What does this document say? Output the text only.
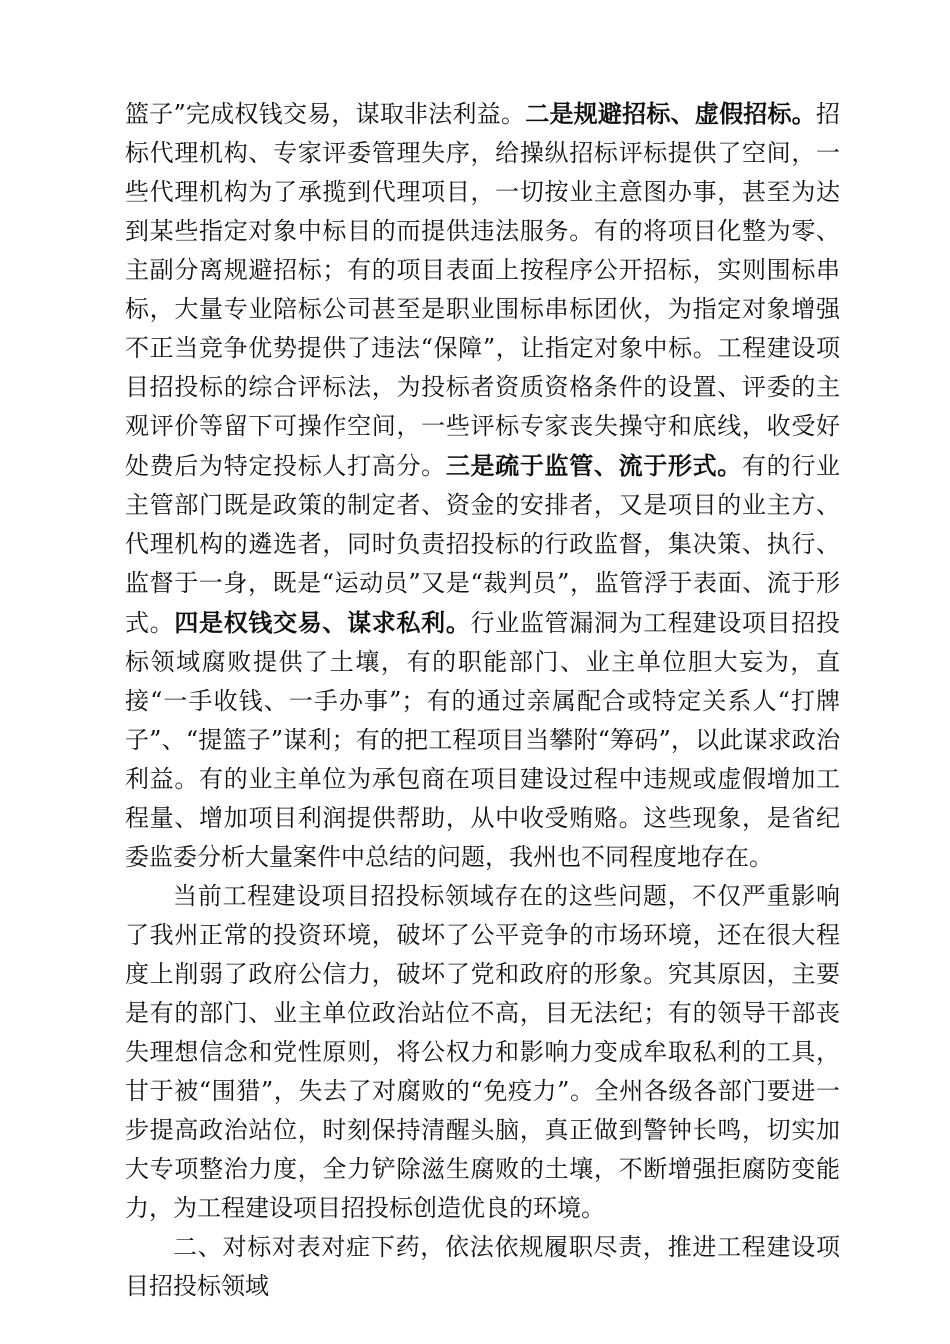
篮子”完成权钱交易，谋取非法利益。二是规避招标、虚假招标。招标代理机构、专家评委管理失序，给操纵招标评标提供了空间，一些代理机构为了承揽到代理项目，一切按业主意图办事，甚至为达到某些指定对象中标目的而提供违法服务。有的将项目化整为零、主副分离规避招标；有的项目表面上按程序公开招标，实则围标串标，大量专业陪标公司甚至是职业围标串标团伙，为指定对象增强不正当竞争优势提供了违法“保障”，让指定对象中标。工程建设项目招投标的综合评标法，为投标者资质资格条件的设置、评委的主观评价等留下可操作空间，一些评标专家丧失操守和底线，收受好处费后为特定投标人打高分。三是疏于监管、流于形式。有的行业主管部门既是政策的制定者、资金的安排者，又是项目的业主方、代理机构的遴选者，同时负责招投标的行政监督，集决策、执行、监督于一身，既是“运动员”又是“裁判员”，监管浮于表面、流于形式。四是权钱交易、谋求私利。行业监管漏洞为工程建设项目招投标领域腐败提供了土壤，有的职能部门、业主单位胆大妄为，直接“一手收钱、一手办事”；有的通过亲属配合或特定关系人“打牌子”、“提篮子”谋利；有的把工程项目当攀附“筹码”，以此谋求政治利益。有的业主单位为承包商在项目建设过程中违规或虚假增加工程量、增加项目利润提供帮助，从中收受贿赂。这些现象，是省纪委监委分析大量案件中总结的问题，我州也不同程度地存在。

当前工程建设项目招投标领域存在的这些问题，不仅严重影响了我州正常的投资环境，破坏了公平竞争的市场环境，还在很大程度上削弱了政府公信力，破坏了党和政府的形象。究其原因，主要是有的部门、业主单位政治站位不高，目无法纪；有的领导干部丧失理想信念和党性原则，将公权力和影响力变成牟取私利的工具，甘于被“围猎”，失去了对腐败的“免疫力”。全州各级各部门要进一步提高政治站位，时刻保持清醒头脑，真正做到警钟长鸣，切实加大专项整治力度，全力铲除滋生腐败的土壤，不断增强拒腐防变能力，为工程建设项目招投标创造优良的环境。

二、对标对表对症下药，依法依规履职尽责，推进工程建设项目招投标领域
